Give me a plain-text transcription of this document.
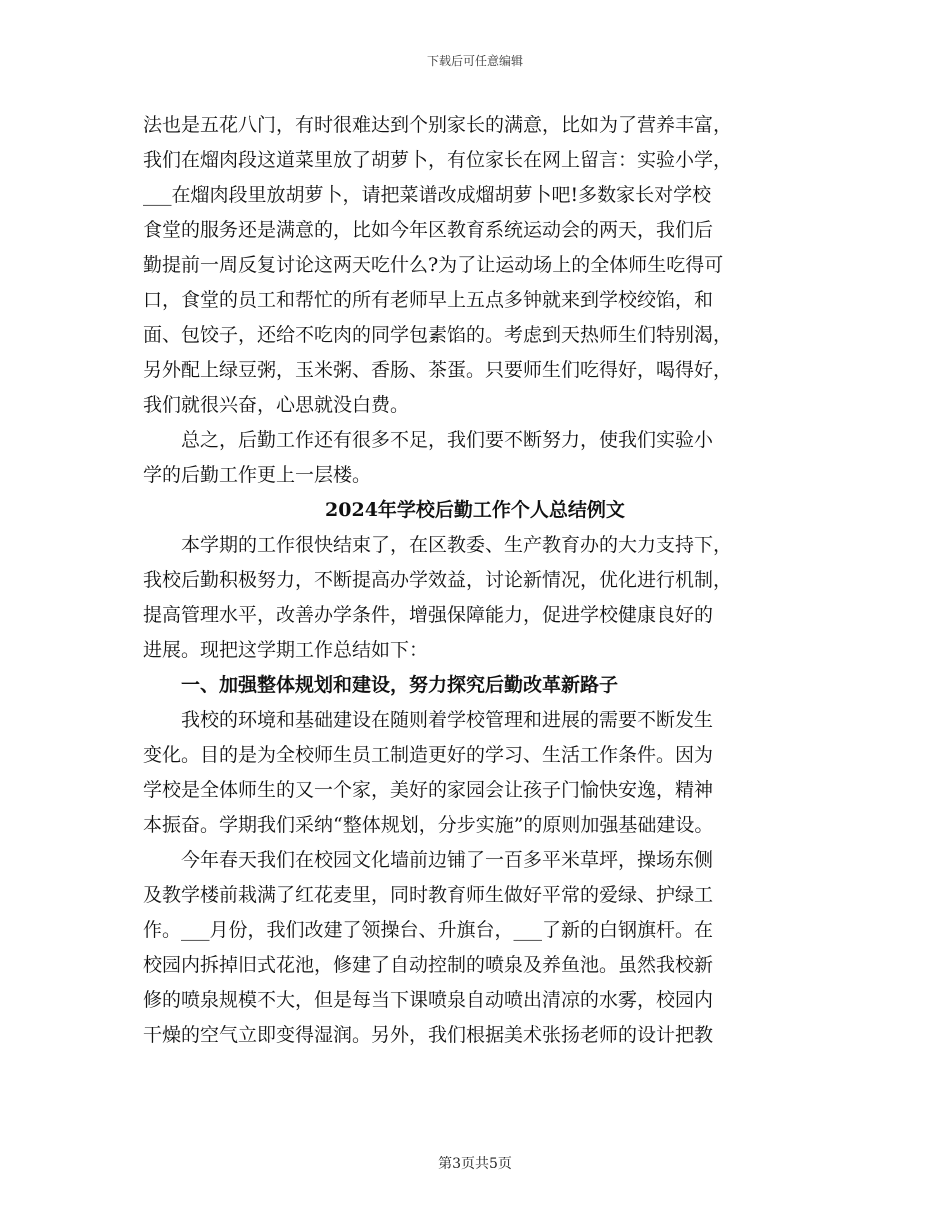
下载后可任意编辑
法也是五花八门，有时很难达到个别家长的满意，比如为了营养丰富，
我们在熘肉段这道菜里放了胡萝卜，有位家长在网上留言：实验小学，
___在熘肉段里放胡萝卜，请把菜谱改成熘胡萝卜吧!多数家长对学校
食堂的服务还是满意的，比如今年区教育系统运动会的两天，我们后
勤提前一周反复讨论这两天吃什么?为了让运动场上的全体师生吃得可
口，食堂的员工和帮忙的所有老师早上五点多钟就来到学校绞馅，和
面、包饺子，还给不吃肉的同学包素馅的。考虑到天热师生们特别渴，
另外配上绿豆粥，玉米粥、香肠、茶蛋。只要师生们吃得好，喝得好，
我们就很兴奋，心思就没白费。
　　总之，后勤工作还有很多不足，我们要不断努力，使我们实验小
学的后勤工作更上一层楼。
2024年学校后勤工作个人总结例文
　　本学期的工作很快结束了，在区教委、生产教育办的大力支持下，
我校后勤积极努力，不断提高办学效益，讨论新情况，优化进行机制，
提高管理水平，改善办学条件，增强保障能力，促进学校健康良好的
进展。现把这学期工作总结如下：
　　一、加强整体规划和建设，努力探究后勤改革新路子
　　我校的环境和基础建设在随则着学校管理和进展的需要不断发生
变化。目的是为全校师生员工制造更好的学习、生活工作条件。因为
学校是全体师生的又一个家，美好的家园会让孩子门愉快安逸，精神
本振奋。学期我们采纳“整体规划，分步实施”的原则加强基础建设。
　　今年春天我们在校园文化墙前边铺了一百多平米草坪，操场东侧
及教学楼前栽满了红花麦里，同时教育师生做好平常的爱绿、护绿工
作。___月份，我们改建了领操台、升旗台，___了新的白钢旗杆。在
校园内拆掉旧式花池，修建了自动控制的喷泉及养鱼池。虽然我校新
修的喷泉规模不大，但是每当下课喷泉自动喷出清凉的水雾，校园内
干燥的空气立即变得湿润。另外，我们根据美术张扬老师的设计把教
第3页共5页
